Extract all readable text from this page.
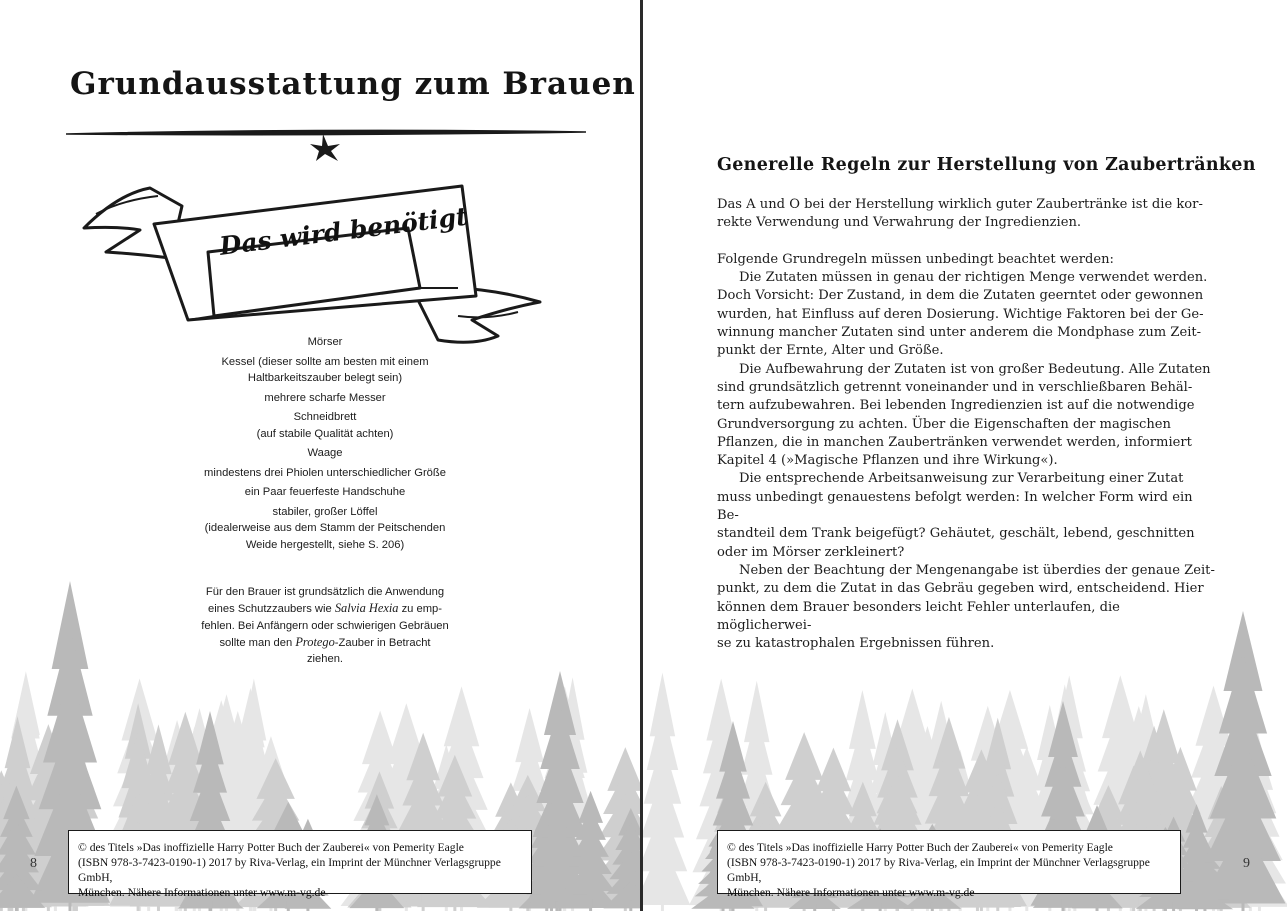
Grundausstattung zum Brauen
Das wird benötigt
Mörser
Kessel (dieser sollte am besten mit einem
Haltbarkeitszauber belegt sein)
mehrere scharfe Messer
Schneidbrett
(auf stabile Qualität achten)
Waage
mindestens drei Phiolen unterschiedlicher Größe
ein Paar feuerfeste Handschuhe
stabiler, großer Löffel
(idealerweise aus dem Stamm der Peitschenden
Weide hergestellt, siehe S. 206)
Für den Brauer ist grundsätzlich die Anwendung
eines Schutzzaubers wie Salvia Hexia zu emp-
fehlen. Bei Anfängern oder schwierigen Gebräuen
sollte man den Protego-Zauber in Betracht
ziehen.
8
© des Titels »Das inoffizielle Harry Potter Buch der Zauberei« von Pemerity Eagle
(ISBN 978-3-7423-0190-1) 2017 by Riva-Verlag, ein Imprint der Münchner Verlagsgruppe GmbH,
München. Nähere Informationen unter www.m-vg.de
Generelle Regeln zur Herstellung von Zaubertränken

Das A und O bei der Herstellung wirklich guter Zaubertränke ist die kor-

rekte Verwendung und Verwahrung der Ingredienzien.

Folgende Grundregeln müssen unbedingt beachtet werden:

Die Zutaten müssen in genau der richtigen Menge verwendet werden.

Doch Vorsicht: Der Zustand, in dem die Zutaten geerntet oder gewonnen

wurden, hat Einfluss auf deren Dosierung. Wichtige Faktoren bei der Ge-

winnung mancher Zutaten sind unter anderem die Mondphase zum Zeit-

punkt der Ernte, Alter und Größe.

Die Aufbewahrung der Zutaten ist von großer Bedeutung. Alle Zutaten

sind grundsätzlich getrennt voneinander und in verschließbaren Behäl-

tern aufzubewahren. Bei lebenden Ingredienzien ist auf die notwendige

Grundversorgung zu achten. Über die Eigenschaften der magischen

Pflanzen, die in manchen Zaubertränken verwendet werden, informiert

Kapitel 4 (»Magische Pflanzen und ihre Wirkung«).

Die entsprechende Arbeitsanweisung zur Verarbeitung einer Zutat

muss unbedingt genauestens befolgt werden: In welcher Form wird ein Be-

standteil dem Trank beigefügt? Gehäutet, geschält, lebend, geschnitten

oder im Mörser zerkleinert?

Neben der Beachtung der Mengenangabe ist überdies der genaue Zeit-

punkt, zu dem die Zutat in das Gebräu gegeben wird, entscheidend. Hier

können dem Brauer besonders leicht Fehler unterlaufen, die möglicherwei-

se zu katastrophalen Ergebnissen führen.

9
© des Titels »Das inoffizielle Harry Potter Buch der Zauberei« von Pemerity Eagle
(ISBN 978-3-7423-0190-1) 2017 by Riva-Verlag, ein Imprint der Münchner Verlagsgruppe GmbH,
München. Nähere Informationen unter www.m-vg.de
